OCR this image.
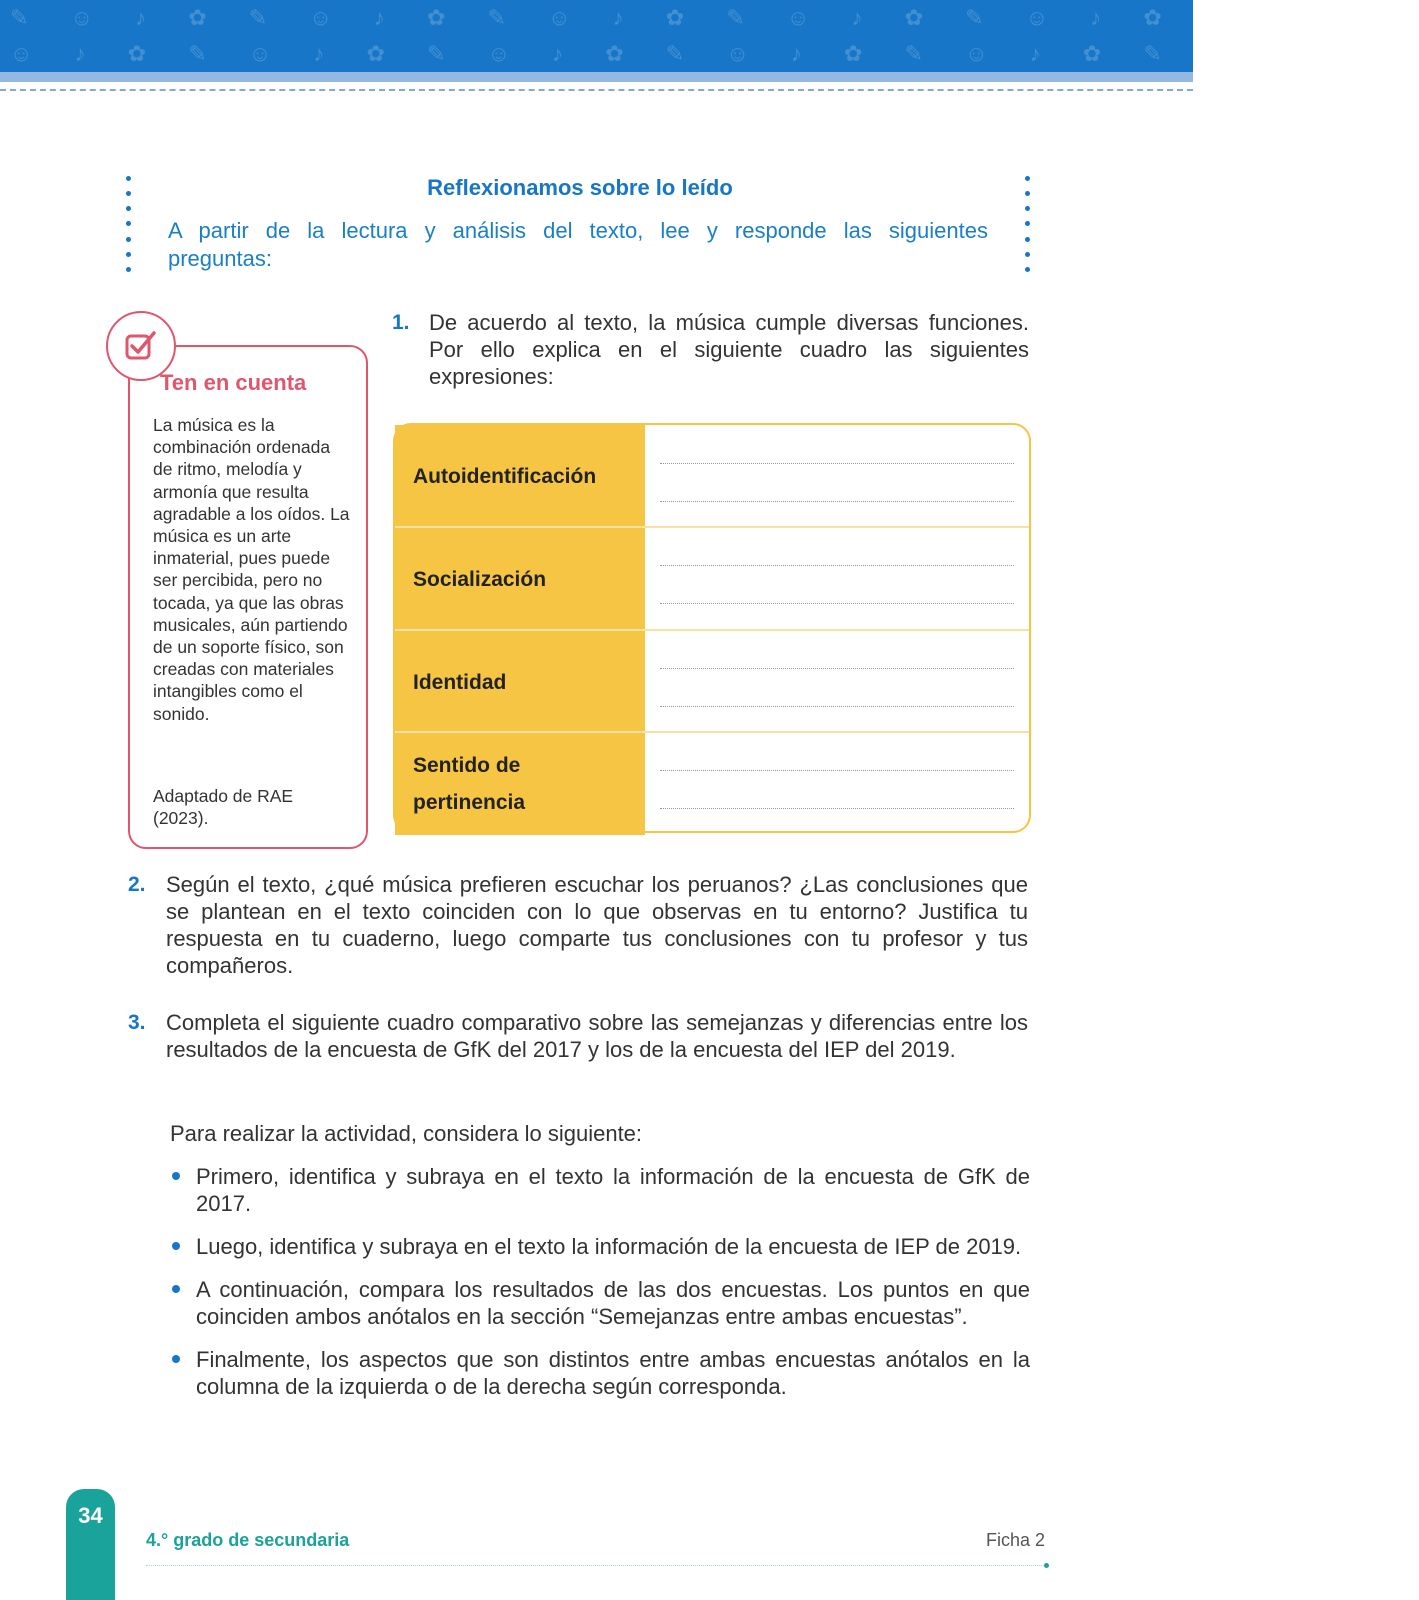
✎ ☺ ♪ ✿ ✎ ☺ ♪ ✿ ✎ ☺ ♪ ✿ ✎ ☺ ♪ ✿ ✎ ☺ ♪ ✿ ✎ ☺ ♪ ✿
☺ ♪ ✿ ✎ ☺ ♪ ✿ ✎ ☺ ♪ ✿ ✎ ☺ ♪ ✿ ✎ ☺ ♪ ✿ ✎ ☺ ♪ ✿ ✎
Reflexionamos sobre lo leído
A partir de la lectura y análisis del texto, lee y responde las siguientes preguntas:
Ten en cuenta
La música es la combinación ordenada de ritmo, melodía y armonía que resulta agradable a los oídos. La música es un arte inmaterial, pues puede ser percibida, pero no tocada, ya que las obras musicales, aún partiendo de un soporte físico, son creadas con materiales intangibles como el sonido.
Adaptado de RAE (2023).
1. De acuerdo al texto, la música cumple diversas funciones. Por ello explica en el siguiente cuadro las siguientes expresiones:
Autoidentificación
Socialización
Identidad
Sentido de pertinencia
2. Según el texto, ¿qué música prefieren escuchar los peruanos? ¿Las conclusiones que se plantean en el texto coinciden con lo que observas en tu entorno? Justifica tu respuesta en tu cuaderno, luego comparte tus conclusiones con tu profesor y tus compañeros.
3. Completa el siguiente cuadro comparativo sobre las semejanzas y diferencias entre los resultados de la encuesta de GfK del 2017 y los de la encuesta del IEP del 2019.
Para realizar la actividad, considera lo siguiente:
Primero, identifica y subraya en el texto la información de la encuesta de GfK de 2017.
Luego, identifica y subraya en el texto la información de la encuesta de IEP de 2019.
A continuación, compara los resultados de las dos encuestas. Los puntos en que coinciden ambos anótalos en la sección “Semejanzas entre ambas encuestas”.
Finalmente, los aspectos que son distintos entre ambas encuestas anótalos en la columna de la izquierda o de la derecha según corresponda.
34
4.° grado de secundaria	Ficha 2
